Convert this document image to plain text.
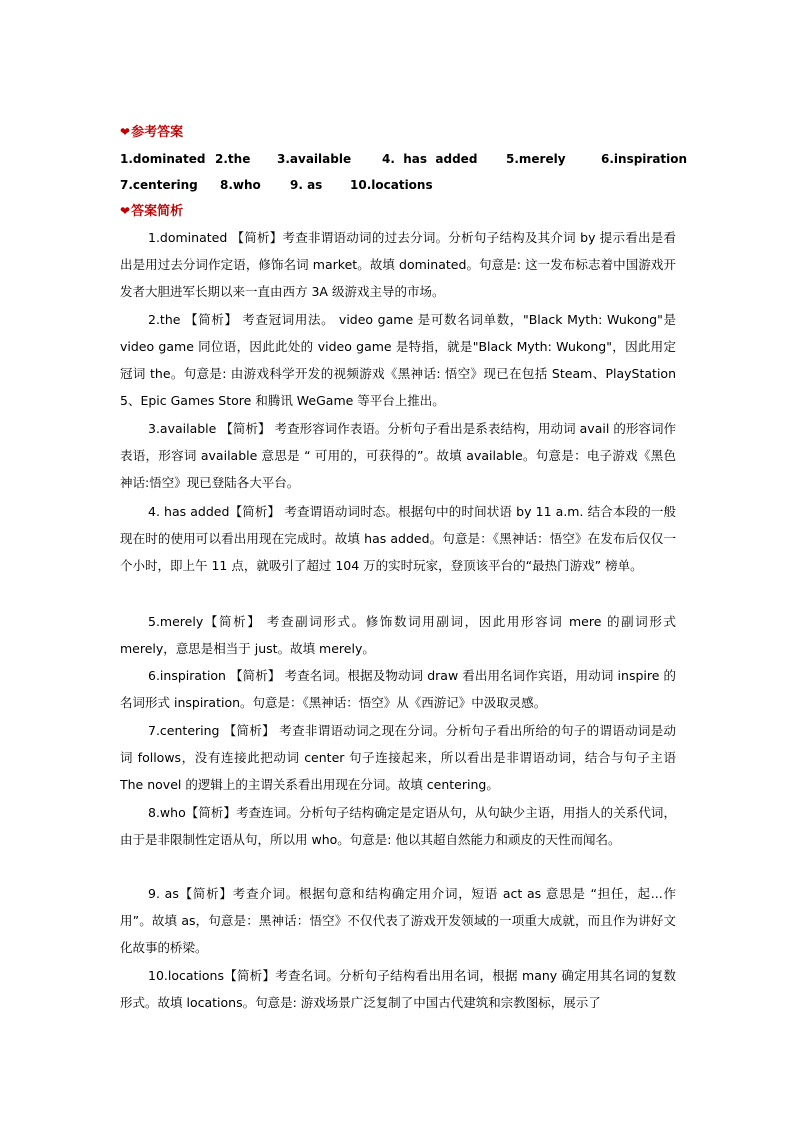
❤参考答案
1.dominated 2.the 3.available	4.  has  added 5.merely	6.inspiration
7.centering 8.who 9. as 10.locations
❤答案简析
1.dominated 【简析】考查非谓语动词的过去分词。分析句子结构及其介词 by 提示看出是看出是用过去分词作定语，修饰名词 market。故填 dominated。句意是: 这一发布标志着中国游戏开发者大胆进军长期以来一直由西方 3A 级游戏主导的市场。
2.the 【简析】 考查冠词用法。 video game 是可数名词单数，"Black Myth: Wukong"是 video game 同位语，因此此处的 video game 是特指，就是"Black Myth: Wukong"，因此用定冠词 the。句意是: 由游戏科学开发的视频游戏《黑神话: 悟空》现已在包括 Steam、PlayStation 5、Epic Games Store 和腾讯 WeGame 等平台上推出。
3.available 【简析】 考查形容词作表语。分析句子看出是系表结构，用动词 avail 的形容词作表语，形容词 available 意思是 “ 可用的，可获得的”。故填 available。句意是：电子游戏《黑色神话:悟空》现已登陆各大平台。
4. has added【简析】 考查谓语动词时态。根据句中的时间状语 by 11 a.m. 结合本段的一般现在时的使用可以看出用现在完成时。故填 has added。句意是：《黑神话：悟空》在发布后仅仅一个小时，即上午 11 点，就吸引了超过 104 万的实时玩家，登顶该平台的“最热门游戏” 榜单。
5.merely【简析】 考查副词形式。修饰数词用副词，因此用形容词 mere 的副词形式 merely，意思是相当于 just。故填 merely。
6.inspiration 【简析】 考查名词。根据及物动词 draw 看出用名词作宾语，用动词 inspire 的名词形式 inspiration。句意是：《黑神话：悟空》从《西游记》中汲取灵感。
7.centering 【简析】 考查非谓语动词之现在分词。分析句子看出所给的句子的谓语动词是动词 follows，没有连接此把动词 center 句子连接起来，所以看出是非谓语动词，结合与句子主语 The novel 的逻辑上的主谓关系看出用现在分词。故填 centering。
8.who【简析】考查连词。分析句子结构确定是定语从句，从句缺少主语，用指人的关系代词，由于是非限制性定语从句，所以用 who。句意是: 他以其超自然能力和顽皮的天性而闻名。
9. as【简析】考查介词。根据句意和结构确定用介词，短语 act as 意思是 “担任，起...作用”。故填 as，句意是：黑神话：悟空》不仅代表了游戏开发领域的一项重大成就，而且作为讲好文化故事的桥梁。
10.locations【简析】考查名词。分析句子结构看出用名词，根据 many 确定用其名词的复数形式。故填 locations。句意是: 游戏场景广泛复制了中国古代建筑和宗教图标，展示了
